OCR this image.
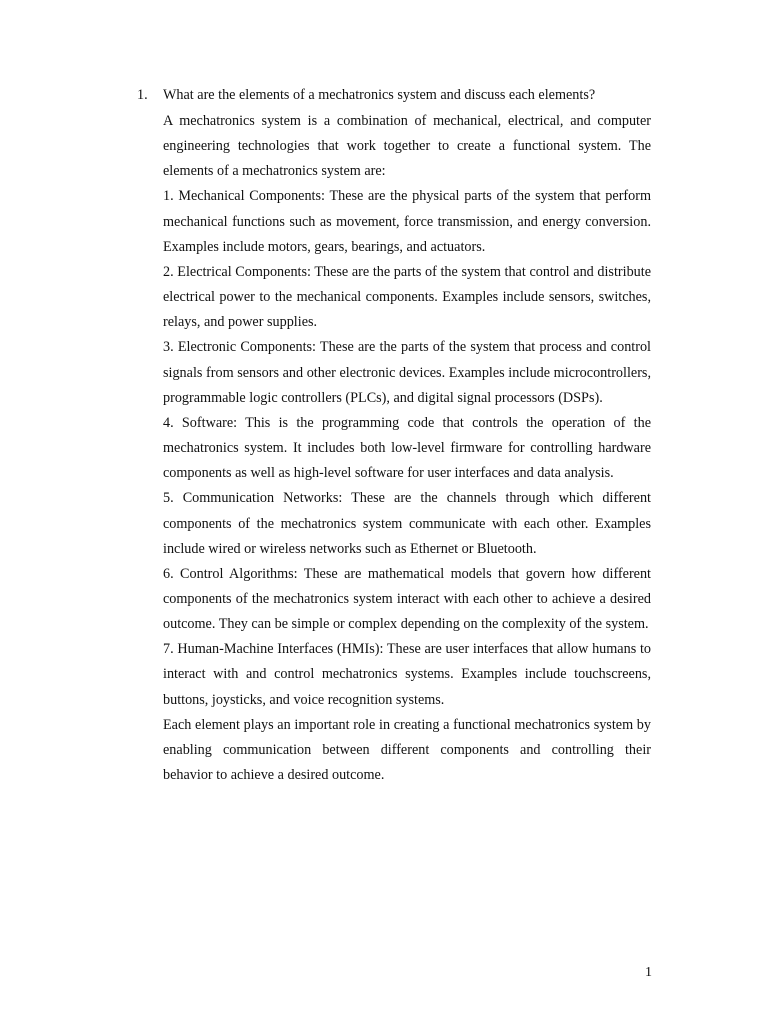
1. What are the elements of a mechatronics system and discuss each elements?

A mechatronics system is a combination of mechanical, electrical, and computer engineering technologies that work together to create a functional system. The elements of a mechatronics system are:

1. Mechanical Components: These are the physical parts of the system that perform mechanical functions such as movement, force transmission, and energy conversion. Examples include motors, gears, bearings, and actuators.

2. Electrical Components: These are the parts of the system that control and distribute electrical power to the mechanical components. Examples include sensors, switches, relays, and power supplies.

3. Electronic Components: These are the parts of the system that process and control signals from sensors and other electronic devices. Examples include microcontrollers, programmable logic controllers (PLCs), and digital signal processors (DSPs).

4. Software: This is the programming code that controls the operation of the mechatronics system. It includes both low-level firmware for controlling hardware components as well as high-level software for user interfaces and data analysis.

5. Communication Networks: These are the channels through which different components of the mechatronics system communicate with each other. Examples include wired or wireless networks such as Ethernet or Bluetooth.

6. Control Algorithms: These are mathematical models that govern how different components of the mechatronics system interact with each other to achieve a desired outcome. They can be simple or complex depending on the complexity of the system.

7. Human-Machine Interfaces (HMIs): These are user interfaces that allow humans to interact with and control mechatronics systems. Examples include touchscreens, buttons, joysticks, and voice recognition systems.

Each element plays an important role in creating a functional mechatronics system by enabling communication between different components and controlling their behavior to achieve a desired outcome.

1
